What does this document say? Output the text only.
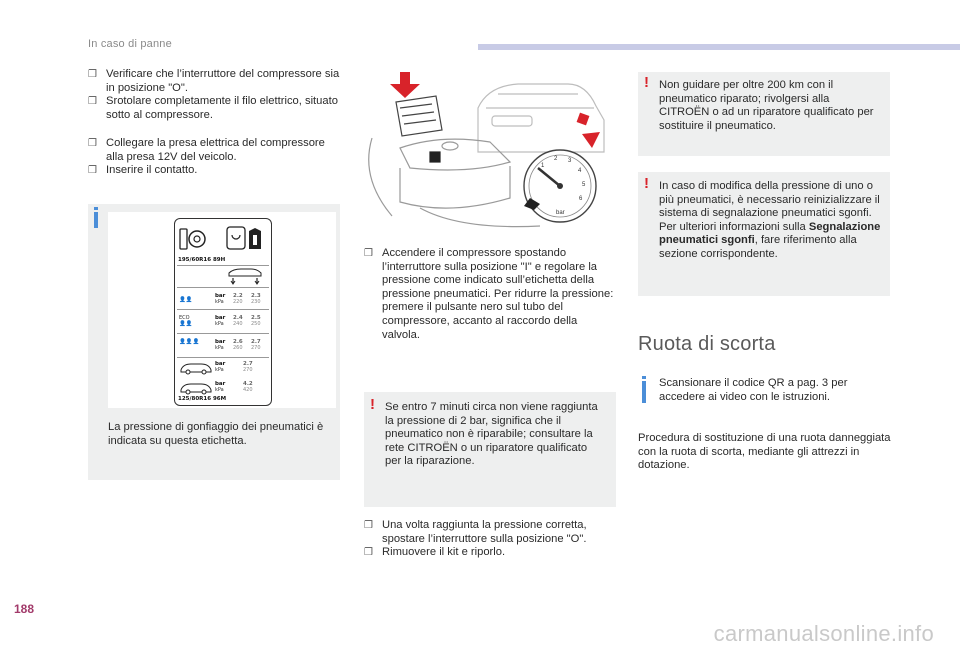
In caso di panne
❒ Verificare che l’interruttore del compressore sia in posizione "O".
❒ Srotolare completamente il filo elettrico, situato sotto al compressore.
❒ Collegare la presa elettrica del compressore alla presa 12V del veicolo.
❒ Inserire il contatto.
195/60R16 89H
👤👤
bar
kPa
2.2
220
2.3
230
ECO
👤👤
bar
kPa
2.4
240
2.5
250
👤👤👤	bar
kPa
2.6
260
2.7
270
bar
kPa
2.7
270
bar
kPa
4.2
420
125/80R16 96M
La pressione di gonfiaggio dei pneumatici è indicata su questa etichetta.
1
2 3
4
5
6
bar
❒ Accendere il compressore spostando l’interruttore sulla posizione "I" e regolare la pressione come indicato sull’etichetta della pressione pneumatici. Per ridurre la pressione: premere il pulsante nero sul tubo del compressore, accanto al raccordo della valvola.
! Se entro 7 minuti circa non viene raggiunta la pressione di 2 bar, significa che il pneumatico non è riparabile; consultare la rete CITROËN o un riparatore qualificato per la riparazione.
❒ Una volta raggiunta la pressione corretta, spostare l’interruttore sulla posizione "O".
❒ Rimuovere il kit e riporlo.
! Non guidare per oltre 200 km con il pneumatico riparato; rivolgersi alla CITROËN o ad un riparatore qualificato per sostituire il pneumatico.
! In caso di modifica della pressione di uno o più pneumatici, è necessario reinizializzare il sistema di segnalazione pneumatici sgonfi.
Per ulteriori informazioni sulla Segnalazione pneumatici sgonfi, fare riferimento alla sezione corrispondente.
Ruota di scorta
Scansionare il codice QR a pag. 3 per accedere ai video con le istruzioni.
Procedura di sostituzione di una ruota danneggiata con la ruota di scorta, mediante gli attrezzi in dotazione.
188
carmanualsonline.info
